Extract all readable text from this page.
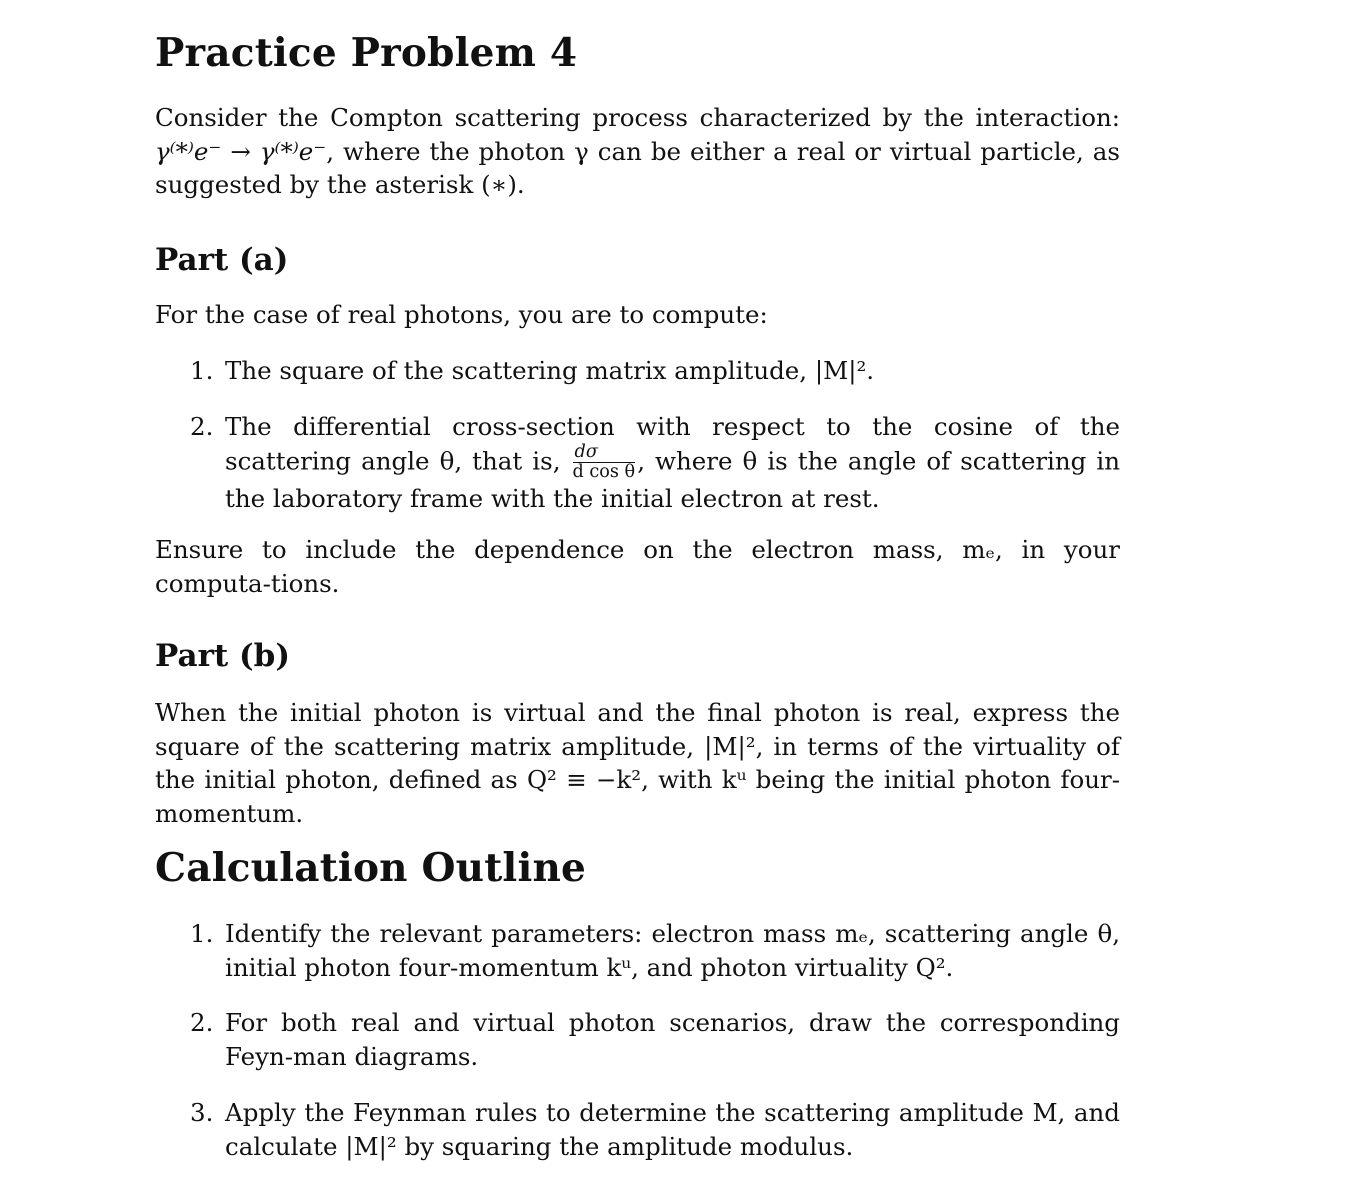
Practice Problem 4

Consider the Compton scattering process characterized by the interaction: γ⁽*⁾e⁻ → γ⁽*⁾e⁻, where the photon γ can be either a real or virtual particle, as suggested by the asterisk (∗).

Part (a)

For the case of real photons, you are to compute:

1. The square of the scattering matrix amplitude, |M|².
2. The differential cross-section with respect to the cosine of the scattering angle θ, that is, $\frac{d\sigma}{\text{d cos θ}}$ , where θ is the angle of scattering in the laboratory frame with the initial electron at rest.

Ensure to include the dependence on the electron mass, mₑ, in your computa-tions.

Part (b)

When the initial photon is virtual and the final photon is real, express the square of the scattering matrix amplitude, |M|², in terms of the virtuality of the initial photon, defined as Q² ≡ −k², with kᵘ being the initial photon four-momentum.

Calculation Outline
1. Identify the relevant parameters: electron mass mₑ, scattering angle θ, initial photon four-momentum kᵘ, and photon virtuality Q².
2. For both real and virtual photon scenarios, draw the corresponding Feyn-man diagrams.
3. Apply the Feynman rules to determine the scattering amplitude M, and calculate |M|² by squaring the amplitude modulus.
